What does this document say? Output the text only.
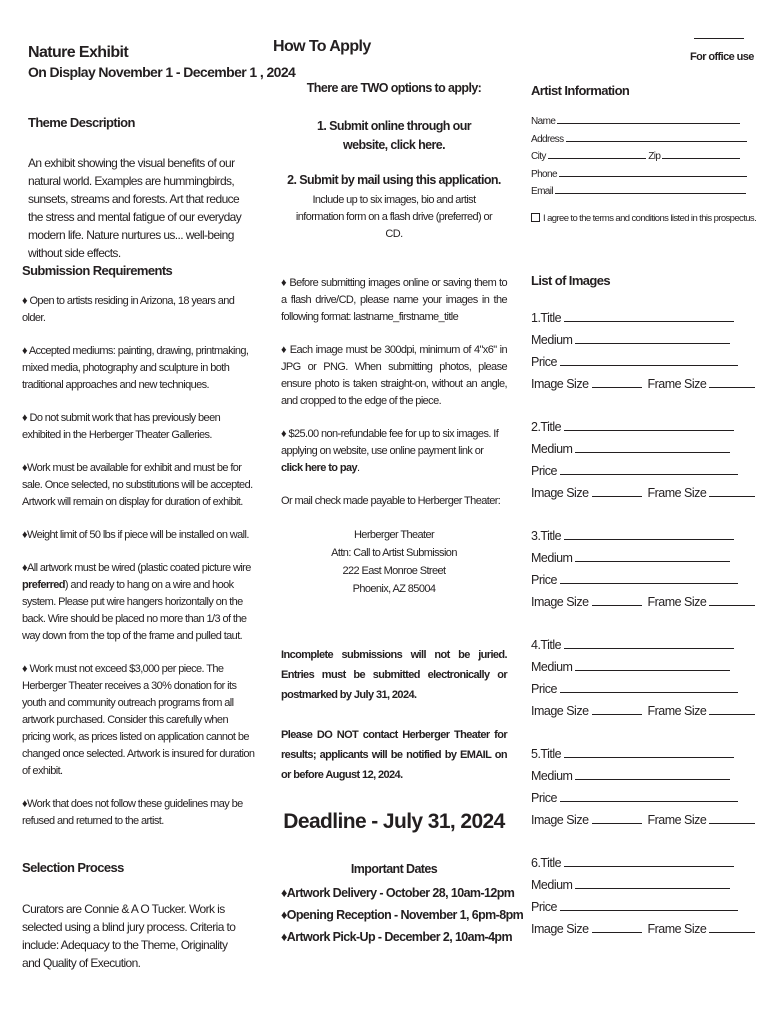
For office use

Nature Exhibit

On Display November 1 - December 1 , 2024

Theme Description

An exhibit showing the visual benefits of our natural world. Examples are hummingbirds, sunsets, streams and forests. Art that reduce the stress and mental fatigue of our everyday modern life. Nature nurtures us... well-being without side effects.

Submission Requirements

♦ Open to artists residing in Arizona, 18 years and older.

♦ Accepted mediums: painting, drawing, printmaking, mixed media, photography and sculpture in both traditional approaches and new techniques.

♦ Do not submit work that has previously been exhibited in the Herberger Theater Galleries.

♦Work must be available for exhibit and must be for sale. Once selected, no substitutions will be accepted. Artwork will remain on display for duration of exhibit.

♦Weight limit of 50 lbs if piece will be installed on wall.

♦All artwork must be wired (plastic coated picture wire preferred) and ready to hang on a wire and hook system. Please put wire hangers horizontally on the back. Wire should be placed no more than 1/3 of the way down from the top of the frame and pulled taut.

♦ Work must not exceed $3,000 per piece. The Herberger Theater receives a 30% donation for its youth and community outreach programs from all artwork purchased. Consider this carefully when pricing work, as prices listed on application cannot be changed once selected. Artwork is insured for duration of exhibit.

♦Work that does not follow these guidelines may be refused and returned to the artist.

Selection Process

Curators are Connie & A O Tucker. Work is selected using a blind jury process. Criteria to include: Adequacy to the Theme, Originality and Quality of Execution.

How To Apply

There are TWO options to apply:

1. Submit online through our website, click here.

2. Submit by mail using this application.

Include up to six images, bio and artist information form on a flash drive (preferred) or CD.

♦ Before submitting images online or saving them to a flash drive/CD, please name your images in the following format: lastname_firstname_title

♦ Each image must be 300dpi, minimum of 4"x6" in JPG or PNG. When submitting photos, please ensure photo is taken straight-on, without an angle, and cropped to the edge of the piece.

♦ $25.00 non-refundable fee for up to six images. If applying on website, use online payment link or click here to pay.

Or mail check made payable to Herberger Theater:

Herberger Theater

Attn: Call to Artist Submission

222 East Monroe Street

Phoenix, AZ 85004

Incomplete submissions will not be juried. Entries must be submitted electronically or postmarked by July 31, 2024.

Please DO NOT contact Herberger Theater for results; applicants will be notified by EMAIL on or before August 12, 2024.

Deadline - July 31, 2024

Important Dates

♦Artwork Delivery - October 28, 10am-12pm

♦Opening Reception - November 1, 6pm-8pm

♦Artwork Pick-Up - December 2, 10am-4pm

Artist Information

Name
Address
City	Zip
Phone
Email
I agree to the terms and conditions listed in this prospectus.

List of Images

1.Title
Medium
Price
Image Size	Frame Size
2.Title
Medium
Price
Image Size	Frame Size
3.Title
Medium
Price
Image Size	Frame Size
4.Title
Medium
Price
Image Size	Frame Size
5.Title
Medium
Price
Image Size	Frame Size
6.Title
Medium
Price
Image Size	Frame Size
